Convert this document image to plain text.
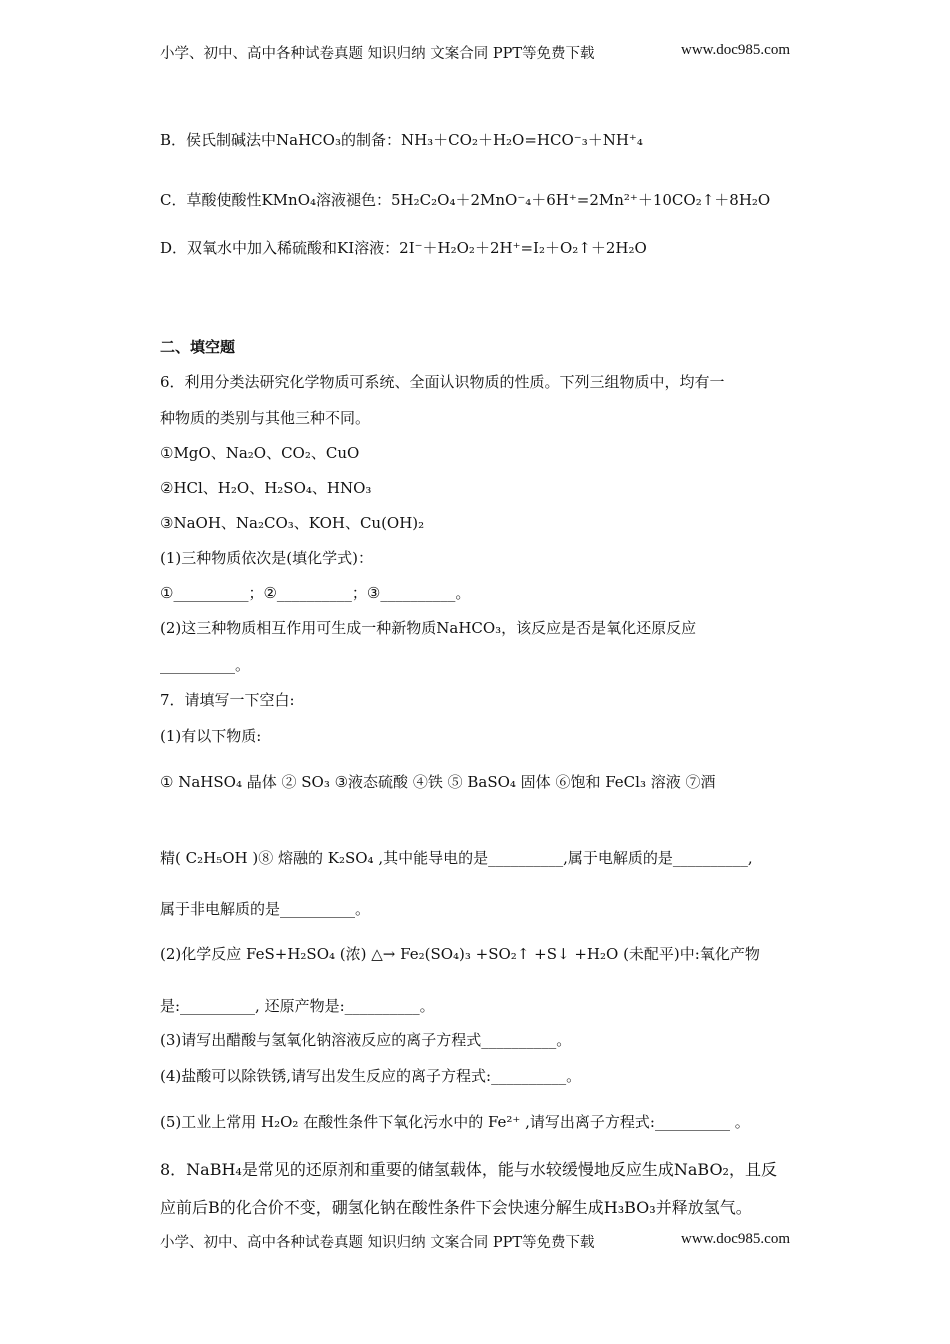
小学、初中、高中各种试卷真题 知识归纳 文案合同 PPT等免费下载	www.doc985.com
B．侯氏制碱法中NaHCO₃的制备：NH₃＋CO₂＋H₂O=HCO⁻₃＋NH⁺₄
C．草酸使酸性KMnO₄溶液褪色：5H₂C₂O₄＋2MnO⁻₄＋6H⁺=2Mn²⁺＋10CO₂↑＋8H₂O
D．双氧水中加入稀硫酸和KI溶液：2I⁻＋H₂O₂＋2H⁺=I₂＋O₂↑＋2H₂O
二、填空题
6．利用分类法研究化学物质可系统、全面认识物质的性质。下列三组物质中，均有一
种物质的类别与其他三种不同。
①MgO、Na₂O、CO₂、CuO
②HCl、H₂O、H₂SO₄、HNO₃
③NaOH、Na₂CO₃、KOH、Cu(OH)₂
(1)三种物质依次是(填化学式)：
①__________；②__________；③__________。
(2)这三种物质相互作用可生成一种新物质NaHCO₃，该反应是否是氧化还原反应
__________。
7．请填写一下空白:
(1)有以下物质:
① NaHSO₄ 晶体 ② SO₃ ③液态硫酸 ④铁 ⑤ BaSO₄ 固体 ⑥饱和 FeCl₃ 溶液 ⑦酒
精( C₂H₅OH )⑧ 熔融的 K₂SO₄ ,其中能导电的是__________,属于电解质的是__________,
属于非电解质的是__________。
(2)化学反应 FeS+H₂SO₄ (浓) △→ Fe₂(SO₄)₃ +SO₂↑ +S↓ +H₂O (未配平)中:氧化产物
是:__________, 还原产物是:__________。
(3)请写出醋酸与氢氧化钠溶液反应的离子方程式__________。
(4)盐酸可以除铁锈,请写出发生反应的离子方程式:__________。
(5)工业上常用 H₂O₂ 在酸性条件下氧化污水中的 Fe²⁺ ,请写出离子方程式:__________ 。
8．NaBH₄是常见的还原剂和重要的储氢载体，能与水较缓慢地反应生成NaBO₂，且反
应前后B的化合价不变，硼氢化钠在酸性条件下会快速分解生成H₃BO₃并释放氢气。
小学、初中、高中各种试卷真题 知识归纳 文案合同 PPT等免费下载	www.doc985.com
